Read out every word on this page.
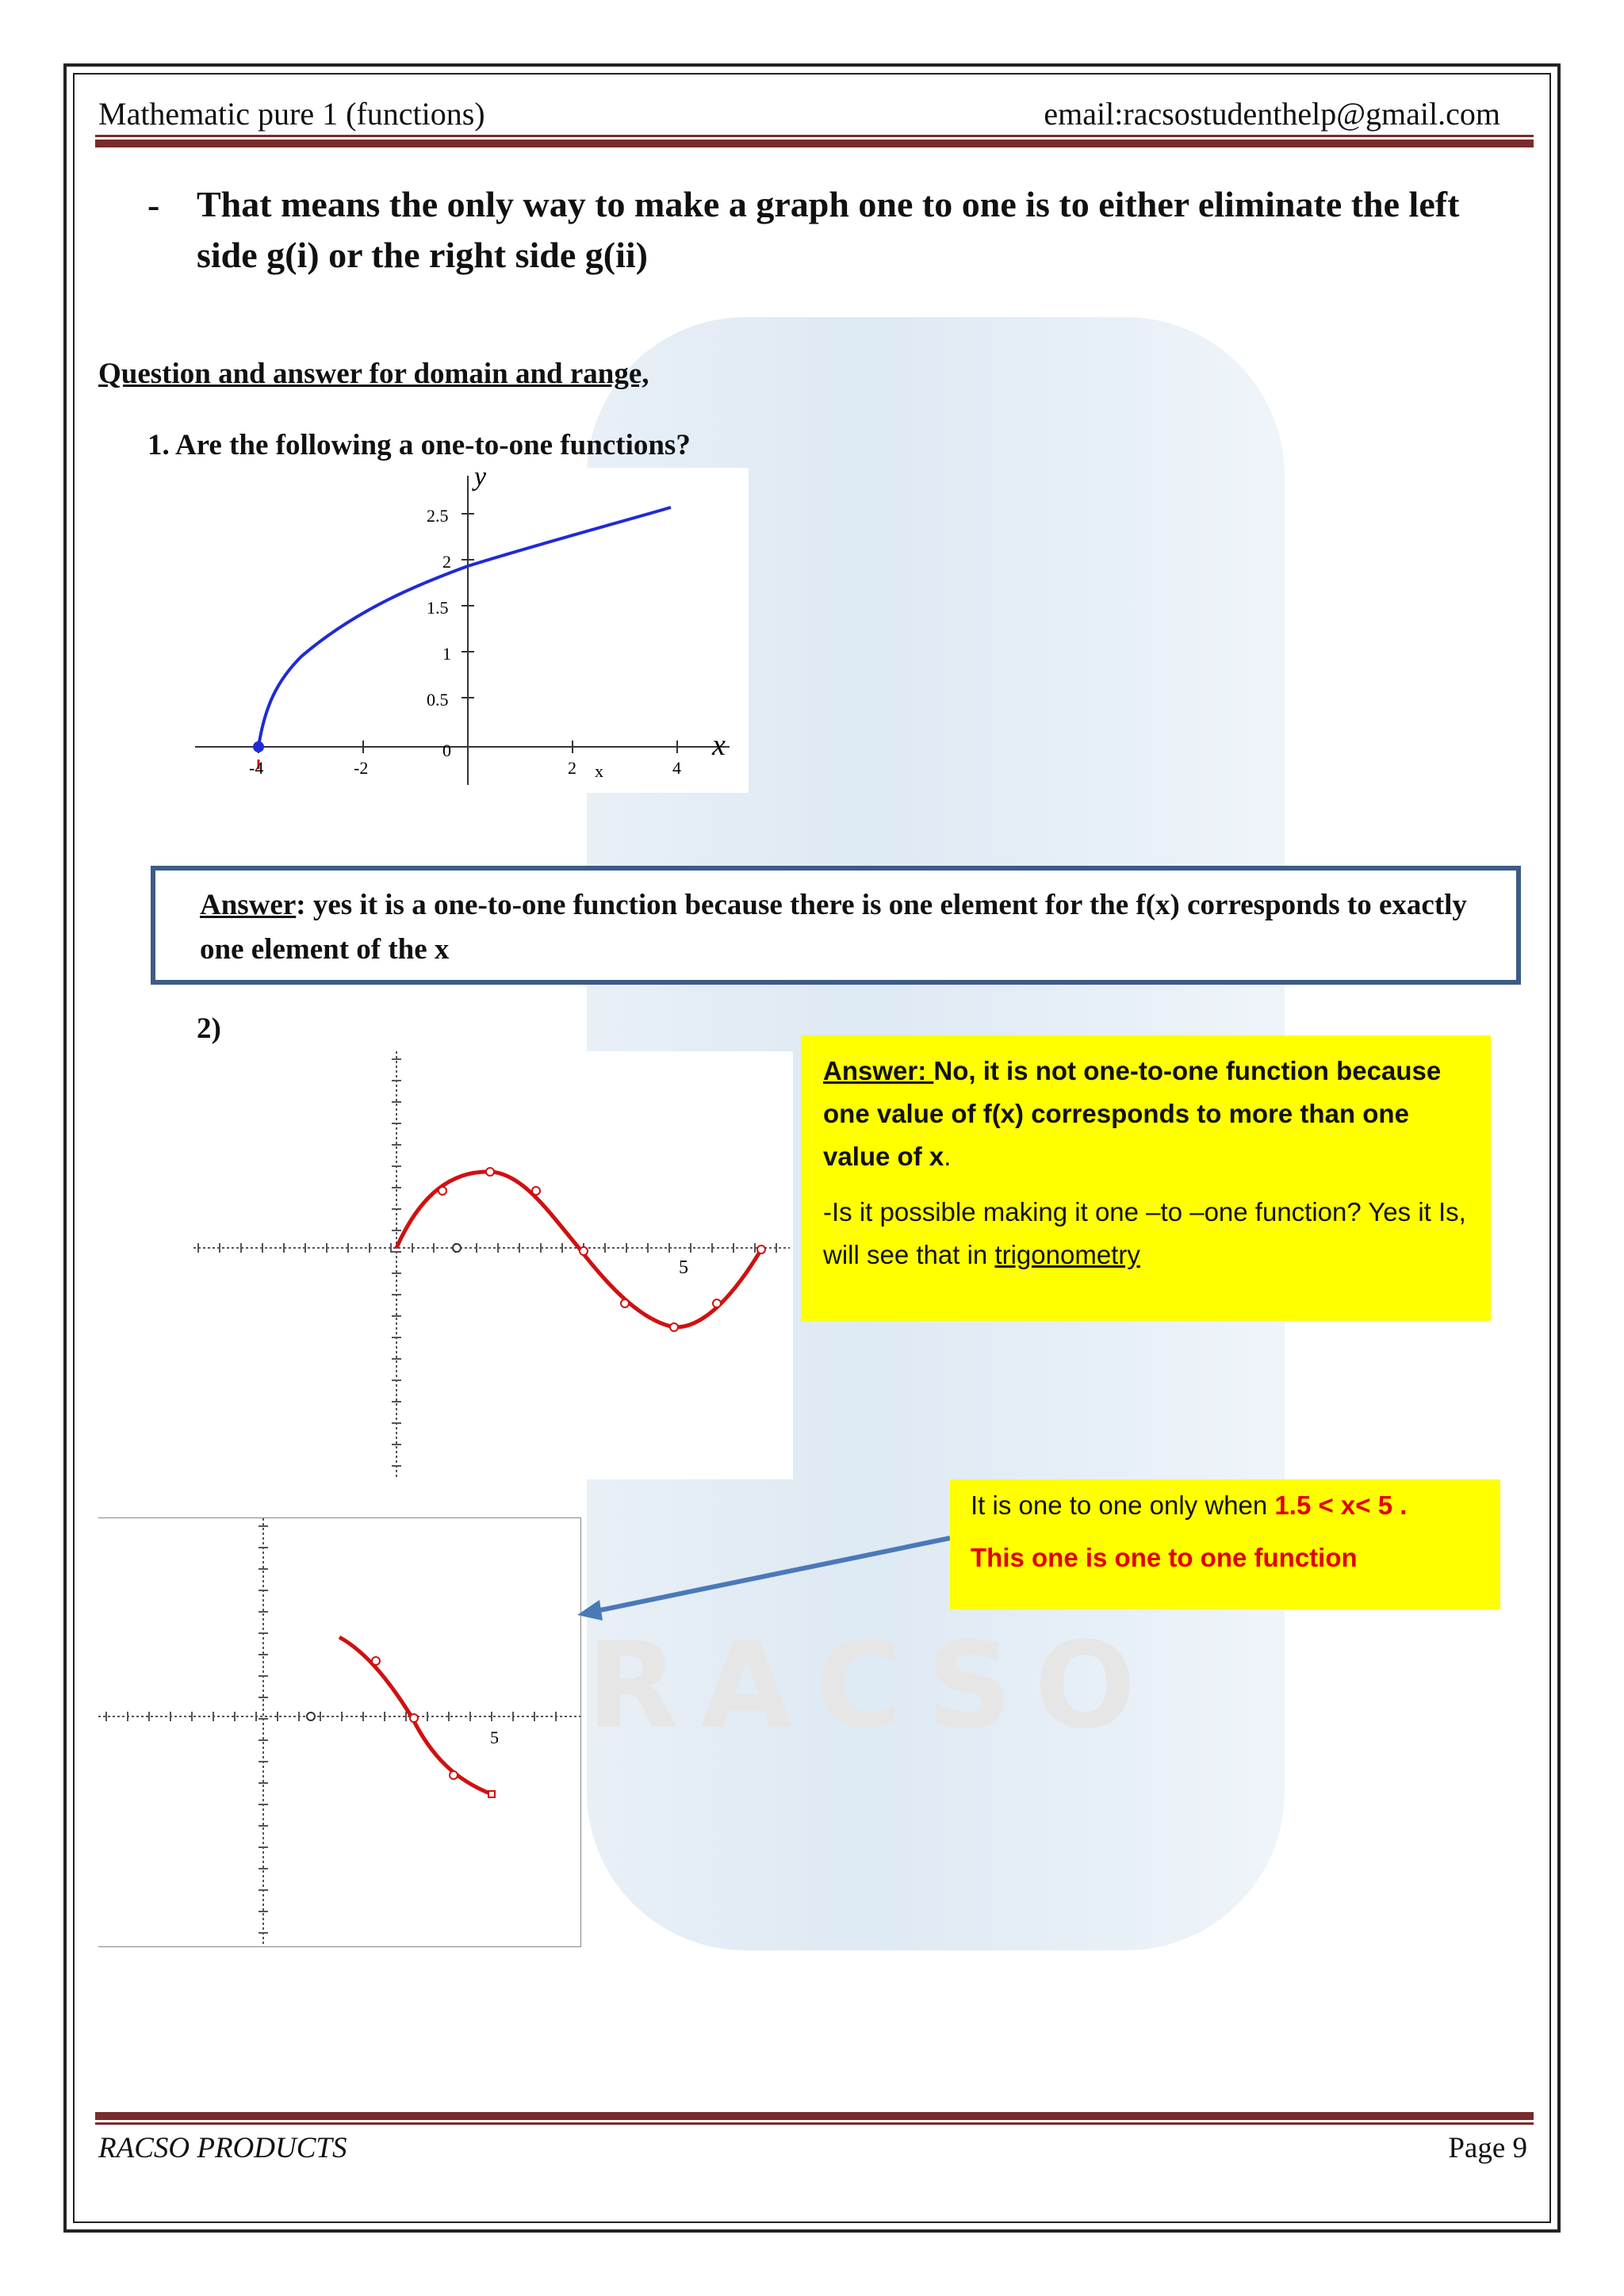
RACSO
Mathematic pure 1 (functions)	email:racsostudenthelp@gmail.com
- That means the only way to make a graph one to one is to either eliminate the left side g(i) or the right side g(ii)
Question and answer for domain and range,
1. Are the following a one-to-one functions?
y
x
x
2.5
2
1.5
1
0.5
0
-4	-2	2	4
Answer: yes it is a one-to-one function because there is one element for the f(x) corresponds to exactly one element of the x
2)
5

Answer: No, it is not one-to-one function because one value of f(x) corresponds to more than one value of x.

-Is it possible making it one –to –one function? Yes it Is, will see that in trigonometry

5

It is one to one only when 1.5 < x< 5 .

This one is one to one function

RACSO PRODUCTS	Page 9
